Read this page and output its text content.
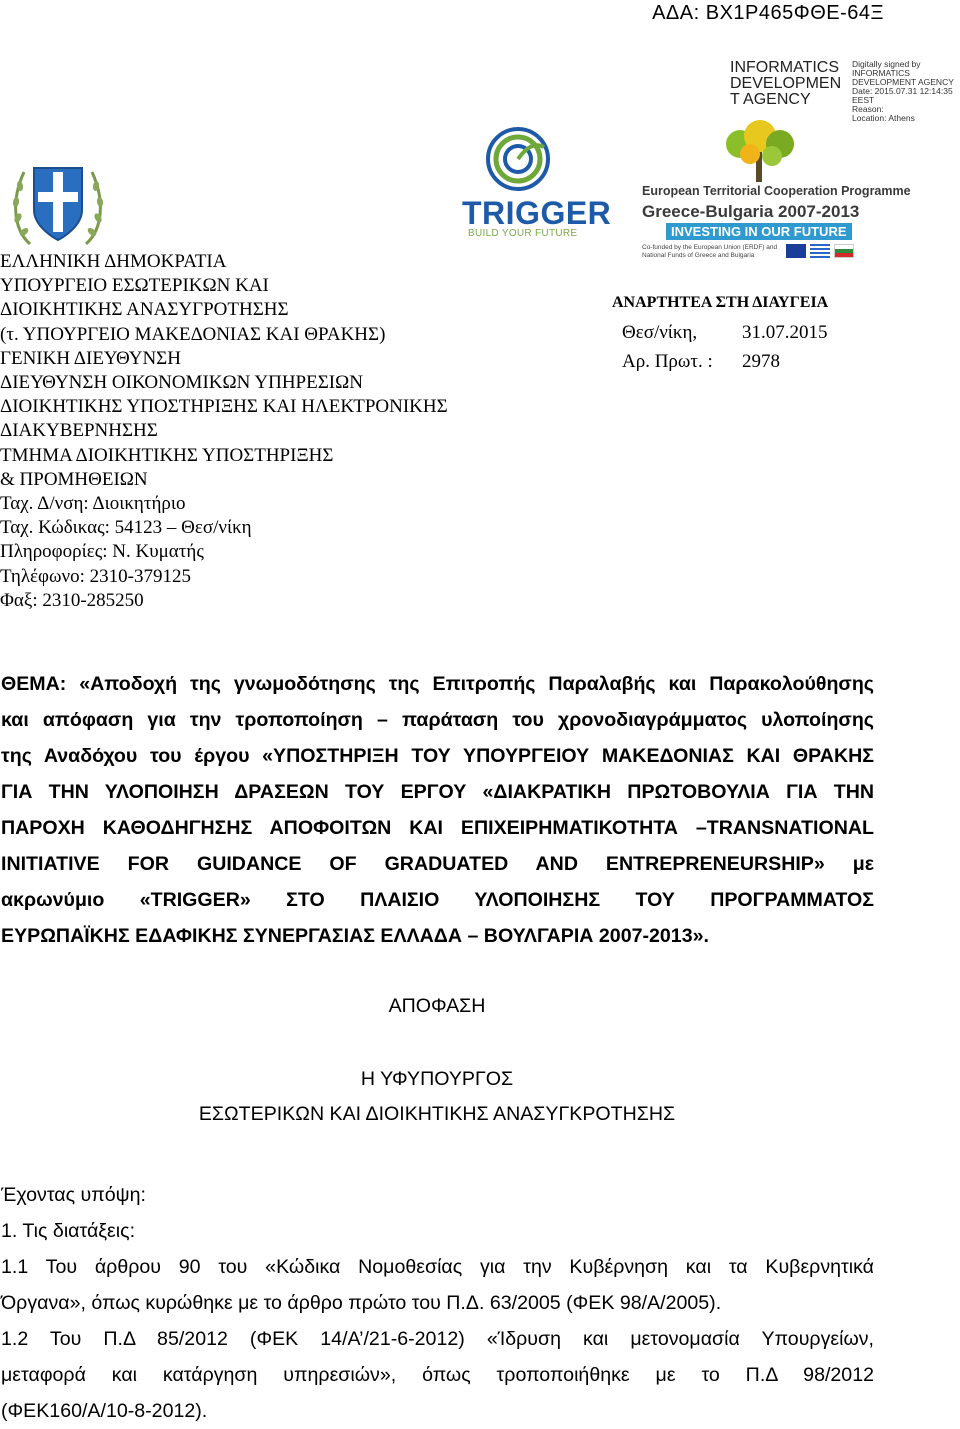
ΑΔΑ: ΒΧ1Ρ465ΦΘΕ-64Ξ
INFORMATICS
DEVELOPMEN
T AGENCY
Digitally signed by
INFORMATICS
DEVELOPMENT AGENCY
Date: 2015.07.31 12:14:35
EEST
Reason:
Location: Athens
TRIGGER
BUILD YOUR FUTURE
European Territorial Cooperation Programme
Greece-Bulgaria 2007-2013
INVESTING IN OUR FUTURE
Co-funded by the European Union (ERDF) and National Funds of Greece and Bulgaria
ΕΛΛΗΝΙΚΗ ΔΗΜΟΚΡΑΤΙΑ
ΥΠΟΥΡΓΕΙΟ ΕΣΩΤΕΡΙΚΩΝ ΚΑΙ
ΔΙΟΙΚΗΤΙΚΗΣ ΑΝΑΣΥΓΡΟΤΗΣΗΣ
(τ. ΥΠΟΥΡΓΕΙΟ ΜΑΚΕΔΟΝΙΑΣ ΚΑΙ ΘΡΑΚΗΣ)
ΓΕΝΙΚΗ ΔΙΕΥΘΥΝΣΗ
ΔΙΕΥΘΥΝΣΗ ΟΙΚΟΝΟΜΙΚΩΝ ΥΠΗΡΕΣΙΩΝ
ΔΙΟΙΚΗΤΙΚΗΣ ΥΠΟΣΤΗΡΙΞΗΣ ΚΑΙ ΗΛΕΚΤΡΟΝΙΚΗΣ
ΔΙΑΚΥΒΕΡΝΗΣΗΣ
ΤΜΗΜΑ ΔΙΟΙΚΗΤΙΚΗΣ ΥΠΟΣΤΗΡΙΞΗΣ
& ΠΡΟΜΗΘΕΙΩΝ
Ταχ. Δ/νση: Διοικητήριο
Ταχ. Κώδικας: 54123 – Θεσ/νίκη
Πληροφορίες: Ν. Κυματής
Τηλέφωνο: 2310-379125
Φαξ: 2310-285250
ΑΝΑΡΤΗΤΕΑ ΣΤΗ ΔΙΑΥΓΕΙΑ
Θεσ/νίκη, 31.07.2015
Αρ. Πρωτ. : 2978
ΘΕΜΑ: «Αποδοχή της γνωμοδότησης της Επιτροπής Παραλαβής και Παρακολούθησης
και απόφαση για την τροποποίηση – παράταση του χρονοδιαγράμματος υλοποίησης
της Αναδόχου του έργου «ΥΠΟΣΤΗΡΙΞΗ ΤΟΥ ΥΠΟΥΡΓΕΙΟΥ ΜΑΚΕΔΟΝΙΑΣ ΚΑΙ ΘΡΑΚΗΣ
ΓΙΑ ΤΗΝ ΥΛΟΠΟΙΗΣΗ ΔΡΑΣΕΩΝ ΤΟΥ ΕΡΓΟΥ «ΔΙΑΚΡΑΤΙΚΗ ΠΡΩΤΟΒΟΥΛΙΑ ΓΙΑ ΤΗΝ
ΠΑΡΟΧΗ ΚΑΘΟΔΗΓΗΣΗΣ ΑΠΟΦΟΙΤΩΝ ΚΑΙ ΕΠΙΧΕΙΡΗΜΑΤΙΚΟΤΗΤΑ –TRANSNATIONAL
INITIATIVE FOR GUIDANCE OF GRADUATED AND ENTREPRENEURSHIP» με
ακρωνύμιο «TRIGGER» ΣΤΟ ΠΛΑΙΣΙΟ ΥΛΟΠΟΙΗΣΗΣ ΤΟΥ ΠΡΟΓΡΑΜΜΑΤΟΣ
ΕΥΡΩΠΑΪΚΗΣ ΕΔΑΦΙΚΗΣ ΣΥΝΕΡΓΑΣΙΑΣ ΕΛΛΑΔΑ – ΒΟΥΛΓΑΡΙΑ 2007-2013».
ΑΠΟΦΑΣΗ
Η ΥΦΥΠΟΥΡΓΟΣ
ΕΣΩΤΕΡΙΚΩΝ ΚΑΙ ΔΙΟΙΚΗΤΙΚΗΣ ΑΝΑΣΥΓΚΡΟΤΗΣΗΣ
Έχοντας υπόψη:
1. Τις διατάξεις:
1.1 Του άρθρου 90 του «Κώδικα Νομοθεσίας για την Κυβέρνηση και τα Κυβερνητικά
Όργανα», όπως κυρώθηκε με το άρθρο πρώτο του Π.Δ. 63/2005 (ΦΕΚ 98/Α/2005).
1.2 Του Π.Δ 85/2012 (ΦΕΚ 14/Α’/21-6-2012) «Ίδρυση και μετονομασία Υπουργείων,
μεταφορά και κατάργηση υπηρεσιών», όπως τροποποιήθηκε με το Π.Δ 98/2012
(ΦΕΚ160/Α/10-8-2012).
